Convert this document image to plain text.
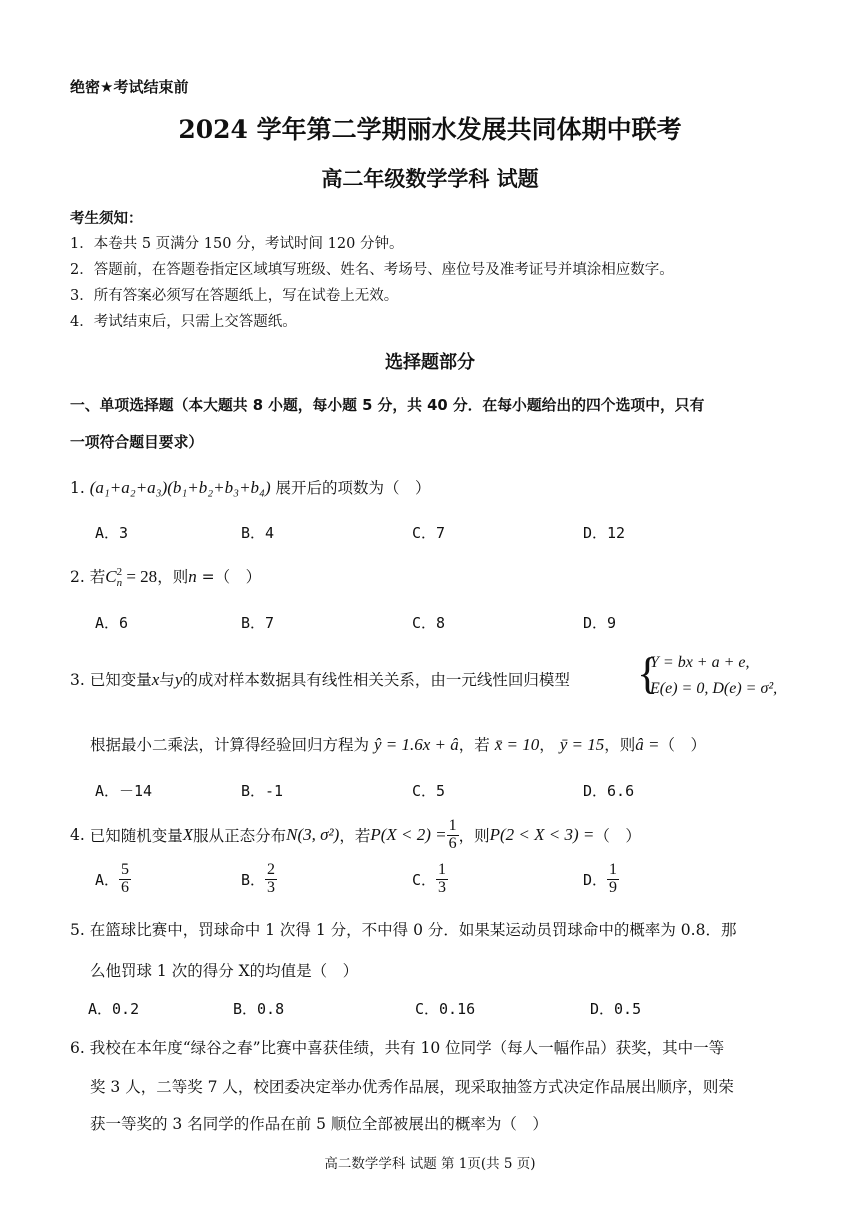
绝密★考试结束前
2024 学年第二学期丽水发展共同体期中联考
高二年级数学学科 试题
考生须知：
1．本卷共 5 页满分 150 分，考试时间 120 分钟。
2．答题前，在答题卷指定区域填写班级、姓名、考场号、座位号及准考证号并填涂相应数字。
3．所有答案必须写在答题纸上，写在试卷上无效。
4．考试结束后，只需上交答题纸。
选择题部分
一、单项选择题（本大题共 8 小题，每小题 5 分，共 40 分．在每小题给出的四个选项中，只有
一项符合题目要求）
1. (a₁+a₂+a₃)(b₁+b₂+b₃+b₄) 展开后的项数为（　）
A．3	B．4	C．7	D．12
2. 若C 2
n = 28，则n =（　）
A．6	B．7	C．8	D．9
3. 已知变量x与y的成对样本数据具有线性相关关系，由一元线性回归模型 {
Y = bx + a + e,
E(e) = 0, D(e) = σ²,
根据最小二乘法，计算得经验回归方程为 ŷ = 1.6x + â，若 x̄ = 10， ȳ = 15，则â =（　）
A．－14	B．-1	C．5	D．6.6
4.
已知随机变量 X 服从正态分布 N(3, σ²) ，若 $P(X < 2) = \frac{1}{6}$ ，则 P(2 < X < 3) = （　）
A． $\frac{5}{6}$	B． $\frac{2}{3}$	C． $\frac{1}{3}$	D． $\frac{1}{9}$
5. 在篮球比赛中，罚球命中 1 次得 1 分，不中得 0 分．如果某运动员罚球命中的概率为 0.8．那
么他罚球 1 次的得分 X的均值是（　）
A．0.2	B．0.8	C．0.16	D．0.5
6. 我校在本年度“绿谷之春”比赛中喜获佳绩，共有 10 位同学（每人一幅作品）获奖，其中一等
奖 3 人，二等奖 7 人，校团委决定举办优秀作品展，现采取抽签方式决定作品展出顺序，则荣
获一等奖的 3 名同学的作品在前 5 顺位全部被展出的概率为（　）
高二数学学科 试题 第 1页(共 5 页)
